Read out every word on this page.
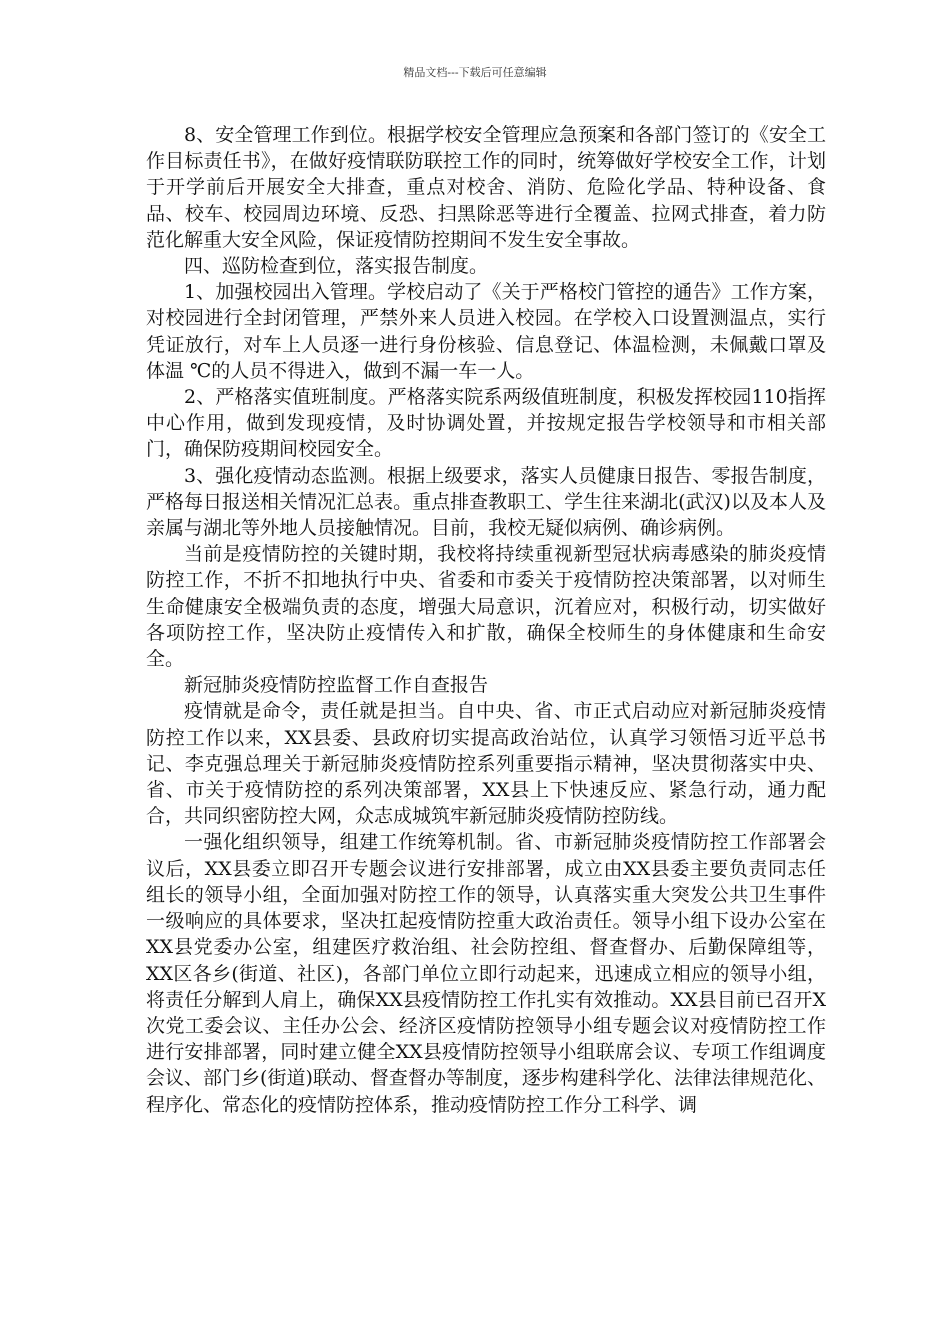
精品文档---下载后可任意编辑

8、安全管理工作到位。根据学校安全管理应急预案和各部门签订的《安全工作目标责任书》，在做好疫情联防联控工作的同时，统筹做好学校安全工作，计划于开学前后开展安全大排查，重点对校舍、消防、危险化学品、特种设备、食品、校车、校园周边环境、反恐、扫黑除恶等进行全覆盖、拉网式排查，着力防范化解重大安全风险，保证疫情防控期间不发生安全事故。

四、巡防检查到位，落实报告制度。

1、加强校园出入管理。学校启动了《关于严格校门管控的通告》工作方案，对校园进行全封闭管理，严禁外来人员进入校园。在学校入口设置测温点，实行凭证放行，对车上人员逐一进行身份核验、信息登记、体温检测，未佩戴口罩及体温 ℃的人员不得进入，做到不漏一车一人。

2、严格落实值班制度。严格落实院系两级值班制度，积极发挥校园110指挥中心作用，做到发现疫情，及时协调处置，并按规定报告学校领导和市相关部门，确保防疫期间校园安全。

3、强化疫情动态监测。根据上级要求，落实人员健康日报告、零报告制度，严格每日报送相关情况汇总表。重点排查教职工、学生往来湖北(武汉)以及本人及亲属与湖北等外地人员接触情况。目前，我校无疑似病例、确诊病例。

当前是疫情防控的关键时期，我校将持续重视新型冠状病毒感染的肺炎疫情防控工作，不折不扣地执行中央、省委和市委关于疫情防控决策部署，以对师生生命健康安全极端负责的态度，增强大局意识，沉着应对，积极行动，切实做好各项防控工作，坚决防止疫情传入和扩散，确保全校师生的身体健康和生命安全。

新冠肺炎疫情防控监督工作自查报告

疫情就是命令，责任就是担当。自中央、省、市正式启动应对新冠肺炎疫情防控工作以来，XX县委、县政府切实提高政治站位，认真学习领悟习近平总书记、李克强总理关于新冠肺炎疫情防控系列重要指示精神，坚决贯彻落实中央、省、市关于疫情防控的系列决策部署，XX县上下快速反应、紧急行动，通力配合，共同织密防控大网，众志成城筑牢新冠肺炎疫情防控防线。

一强化组织领导，组建工作统筹机制。省、市新冠肺炎疫情防控工作部署会议后，XX县委立即召开专题会议进行安排部署，成立由XX县委主要负责同志任组长的领导小组，全面加强对防控工作的领导，认真落实重大突发公共卫生事件一级响应的具体要求，坚决扛起疫情防控重大政治责任。领导小组下设办公室在XX县党委办公室，组建医疗救治组、社会防控组、督查督办、后勤保障组等，XX区各乡(街道、社区)，各部门单位立即行动起来，迅速成立相应的领导小组，将责任分解到人肩上，确保XX县疫情防控工作扎实有效推动。XX县目前已召开X次党工委会议、主任办公会、经济区疫情防控领导小组专题会议对疫情防控工作进行安排部署，同时建立健全XX县疫情防控领导小组联席会议、专项工作组调度会议、部门乡(街道)联动、督查督办等制度，逐步构建科学化、法律法律规范化、程序化、常态化的疫情防控体系，推动疫情防控工作分工科学、调
